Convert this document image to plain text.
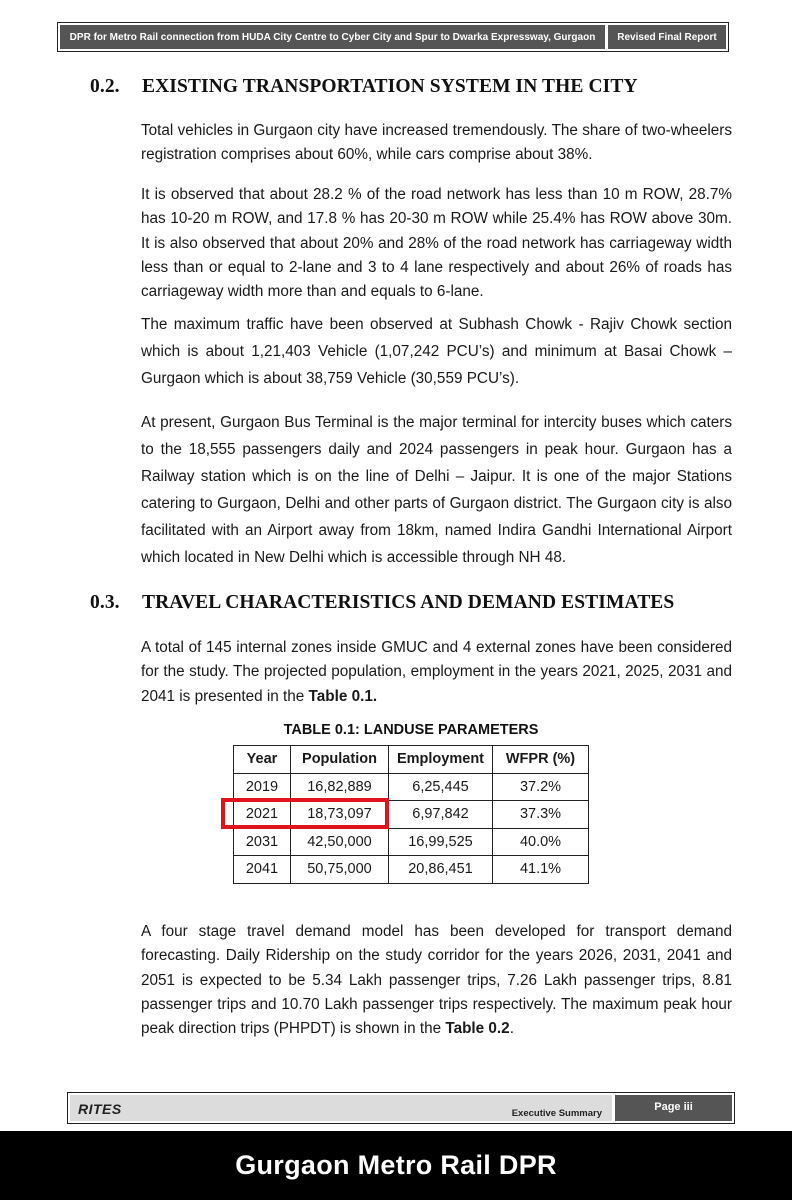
DPR for Metro Rail connection from HUDA City Centre to Cyber City and Spur to Dwarka Expressway, Gurgaon	Revised Final Report
0.2. EXISTING TRANSPORTATION SYSTEM IN THE CITY

Total vehicles in Gurgaon city have increased tremendously. The share of two-wheelers registration comprises about 60%, while cars comprise about 38%.

It is observed that about 28.2 % of the road network has less than 10 m ROW, 28.7% has 10-20 m ROW, and 17.8 % has 20-30 m ROW while 25.4% has ROW above 30m. It is also observed that about 20% and 28% of the road network has carriageway width less than or equal to 2-lane and 3 to 4 lane respectively and about 26% of roads has carriageway width more than and equals to 6-lane.

The maximum traffic have been observed at Subhash Chowk - Rajiv Chowk section which is about 1,21,403 Vehicle (1,07,242 PCU’s) and minimum at Basai Chowk – Gurgaon which is about 38,759 Vehicle (30,559 PCU’s).

At present, Gurgaon Bus Terminal is the major terminal for intercity buses which caters to the 18,555 passengers daily and 2024 passengers in peak hour. Gurgaon has a Railway station which is on the line of Delhi – Jaipur. It is one of the major Stations catering to Gurgaon, Delhi and other parts of Gurgaon district. The Gurgaon city is also facilitated with an Airport away from 18km, named Indira Gandhi International Airport which located in New Delhi which is accessible through NH 48.

0.3. TRAVEL CHARACTERISTICS AND DEMAND ESTIMATES

A total of 145 internal zones inside GMUC and 4 external zones have been considered for the study. The projected population, employment in the years 2021, 2025, 2031 and 2041 is presented in the Table 0.1.

TABLE 0.1: LANDUSE PARAMETERS
Year	Population	Employment	WFPR (%)
2019	16,82,889	6,25,445	37.2%
2021	18,73,097	6,97,842	37.3%
2031	42,50,000	16,99,525	40.0%
2041	50,75,000	20,86,451	41.1%

A four stage travel demand model has been developed for transport demand forecasting. Daily Ridership on the study corridor for the years 2026, 2031, 2041 and 2051 is expected to be 5.34 Lakh passenger trips, 7.26 Lakh passenger trips, 8.81 passenger trips and 10.70 Lakh passenger trips respectively. The maximum peak hour peak direction trips (PHPDT) is shown in the Table 0.2.

RITES	Executive Summary
Page iii
Gurgaon Metro Rail DPR
